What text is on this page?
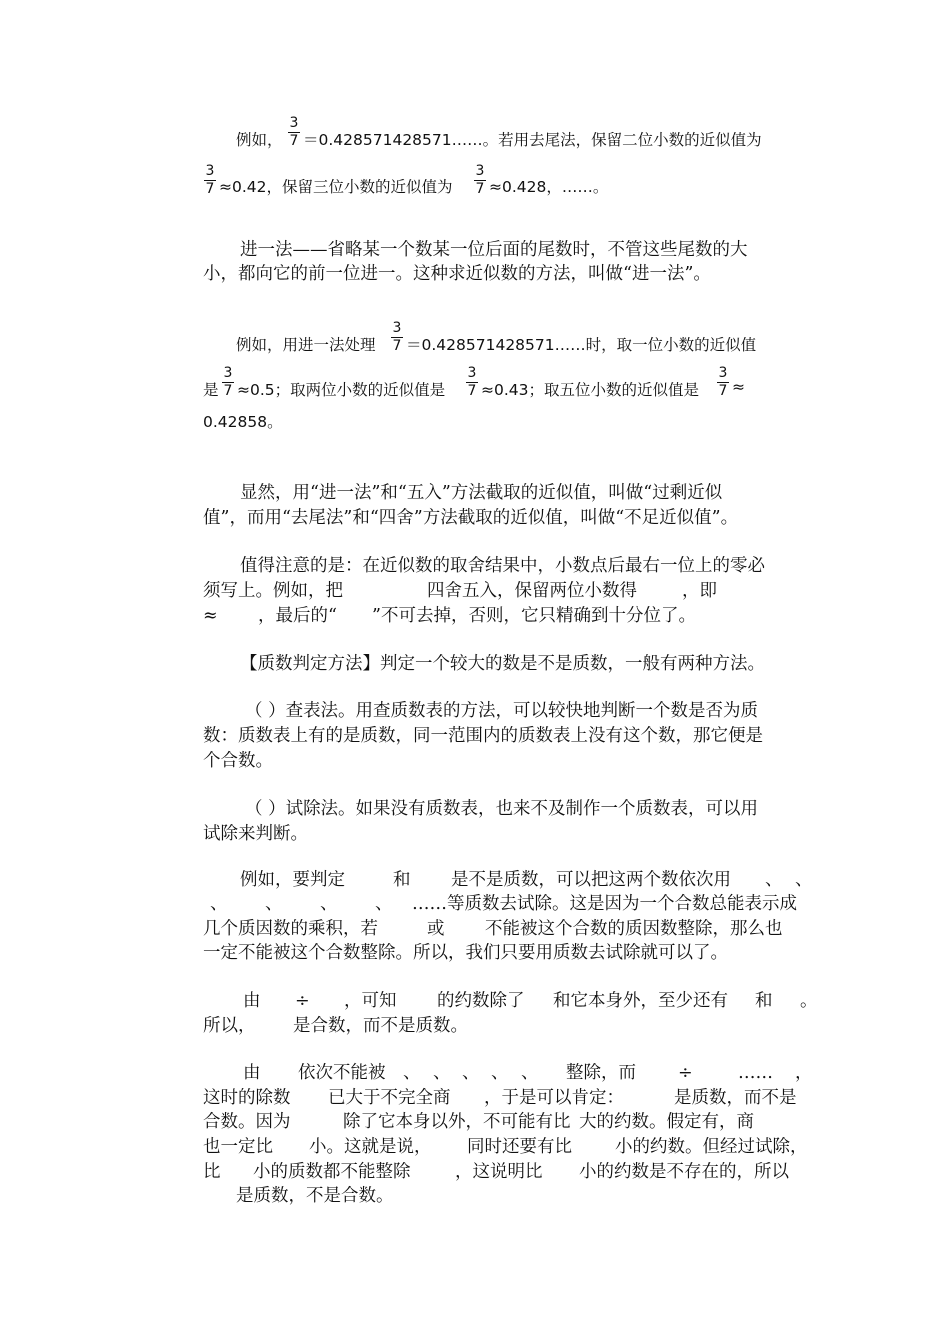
例如，
3
7 ＝0.428571428571……。若用去尾法，保留二位小数的近似值为
3
7 ≈0.42，保留三位小数的近似值为
3
7 ≈0.428，……。
进一法——省略某一个数某一位后面的尾数时，不管这些尾数的大
小，都向它的前一位进一。这种求近似数的方法，叫做“进一法”。
例如，用进一法处理
3
7 ＝0.428571428571……时，取一位小数的近似值
是
3
7 ≈0.5；取两位小数的近似值是
3
7 ≈0.43；取五位小数的近似值是
3
7 ≈
0.42858。
显然，用“进一法”和“五入”方法截取的近似值，叫做“过剩近似
值”，而用“去尾法”和“四舍”方法截取的近似值，叫做“不足近似值”。
值得注意的是：在近似数的取舍结果中，小数点后最右一位上的零必
须写上。例如，把	四舍五入，保留两位小数得	，即
≈ ，最后的“ ”不可去掉，否则，它只精确到十分位了。
【质数判定方法】判定一个较大的数是不是质数，一般有两种方法。
（ ）查表法。用查质数表的方法，可以较快地判断一个数是否为质
数：质数表上有的是质数，同一范围内的质数表上没有这个数，那它便是
个合数。
（ ）试除法。如果没有质数表，也来不及制作一个质数表，可以用
试除来判断。
例如，要判定	和 是不是质数，可以把这两个数依次用 、 、
、 、 、 、 ……等质数去试除。这是因为一个合数总能表示成
几个质因数的乘积，若	或 不能被这个合数的质因数整除，那么也
一定不能被这个合数整除。所以，我们只要用质数去试除就可以了。
由 ÷ ，可知 的约数除了 和它本身外，至少还有 和 。
所以， 是合数，而不是质数。
由 依次不能被 、 、 、 、 、 整除，而 ÷	…… ，
这时的除数 已大于不完全商 ，于是可以肯定：	是质数，而不是
合数。因为	除了它本身以外，不可能有比 大的约数。假定有，商
也一定比 小。这就是说， 同时还要有比 小的约数。但经过试除，
比 小的质数都不能整除	，这说明比 小的约数是不存在的，所以
是质数，不是合数。
